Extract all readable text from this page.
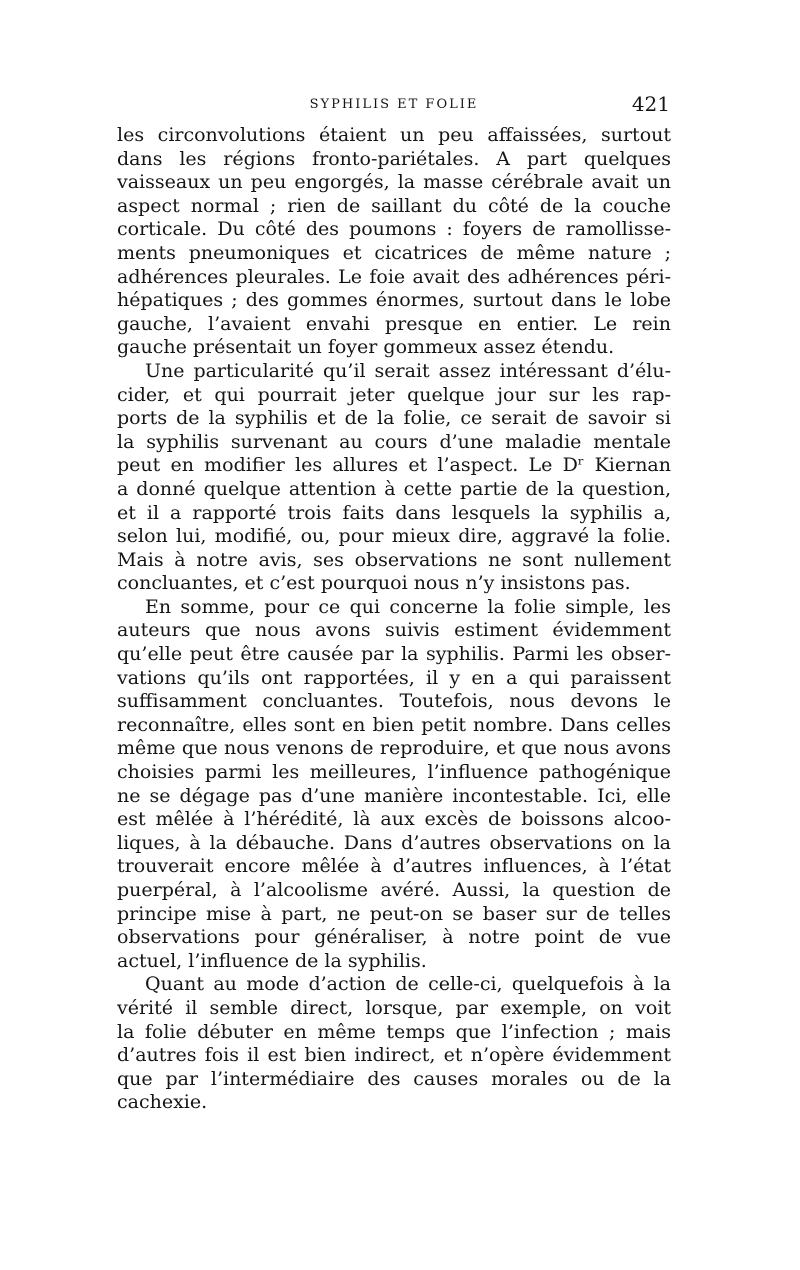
SYPHILIS ET FOLIE	421
les circonvolutions étaient un peu affaissées, surtout
dans les régions fronto-pariétales. A part quelques
vaisseaux un peu engorgés, la masse cérébrale avait un
aspect normal ; rien de saillant du côté de la couche
corticale. Du côté des poumons : foyers de ramollisse-
ments pneumoniques et cicatrices de même nature ;
adhérences pleurales. Le foie avait des adhérences péri-
hépatiques ; des gommes énormes, surtout dans le lobe
gauche, l’avaient envahi presque en entier. Le rein
gauche présentait un foyer gommeux assez étendu.
Une particularité qu’il serait assez intéressant d’élu-
cider, et qui pourrait jeter quelque jour sur les rap-
ports de la syphilis et de la folie, ce serait de savoir si
la syphilis survenant au cours d’une maladie mentale
peut en modifier les allures et l’aspect. Le Dʳ Kiernan
a donné quelque attention à cette partie de la question,
et il a rapporté trois faits dans lesquels la syphilis a,
selon lui, modifié, ou, pour mieux dire, aggravé la folie.
Mais à notre avis, ses observations ne sont nullement
concluantes, et c’est pourquoi nous n’y insistons pas.
En somme, pour ce qui concerne la folie simple, les
auteurs que nous avons suivis estiment évidemment
qu’elle peut être causée par la syphilis. Parmi les obser-
vations qu’ils ont rapportées, il y en a qui paraissent
suffisamment concluantes. Toutefois, nous devons le
reconnaître, elles sont en bien petit nombre. Dans celles
même que nous venons de reproduire, et que nous avons
choisies parmi les meilleures, l’influence pathogénique
ne se dégage pas d’une manière incontestable. Ici, elle
est mêlée à l’hérédité, là aux excès de boissons alcoo-
liques, à la débauche. Dans d’autres observations on la
trouverait encore mêlée à d’autres influences, à l’état
puerpéral, à l’alcoolisme avéré. Aussi, la question de
principe mise à part, ne peut-on se baser sur de telles
observations pour généraliser, à notre point de vue
actuel, l’influence de la syphilis.
Quant au mode d’action de celle-ci, quelquefois à la
vérité il semble direct, lorsque, par exemple, on voit
la folie débuter en même temps que l’infection ; mais
d’autres fois il est bien indirect, et n’opère évidemment
que par l’intermédiaire des causes morales ou de la
cachexie.
